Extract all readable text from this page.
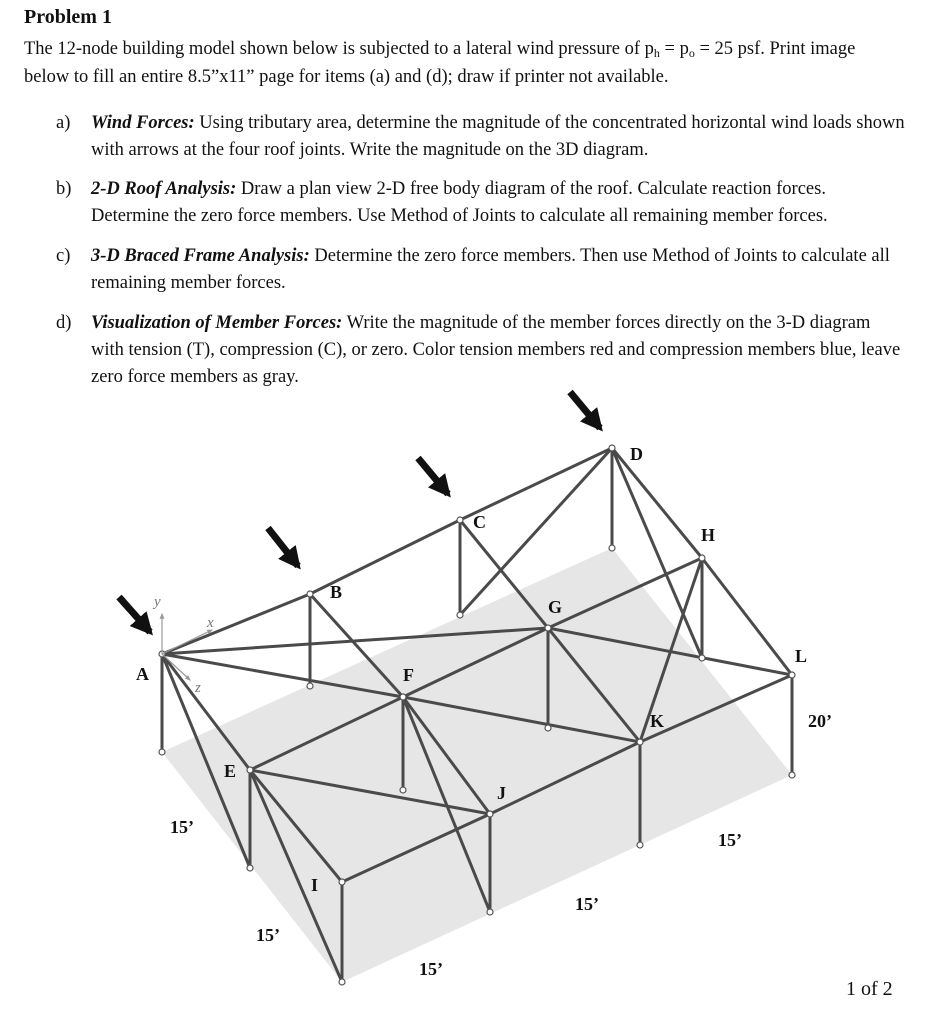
Problem 1
The 12-node building model shown below is subjected to a lateral wind pressure of ph = po = 25 psf. Print image below to fill an entire 8.5”x11” page for items (a) and (d); draw if printer not available.
a) Wind Forces: Using tributary area, determine the magnitude of the concentrated horizontal wind loads shown with arrows at the four roof joints. Write the magnitude on the 3D diagram.
b) 2-D Roof Analysis: Draw a plan view 2-D free body diagram of the roof. Calculate reaction forces. Determine the zero force members. Use Method of Joints to calculate all remaining member forces.
c) 3-D Braced Frame Analysis: Determine the zero force members. Then use Method of Joints to calculate all remaining member forces.
d) Visualization of Member Forces: Write the magnitude of the member forces directly on the 3-D diagram with tension (T), compression (C), or zero. Color tension members red and compression members blue, leave zero force members as gray.
y
x
z
A
B
C
D
E
F
G
H
I
J
K
L
20’
15’
15’
15’
15’
15’
1 of 2
